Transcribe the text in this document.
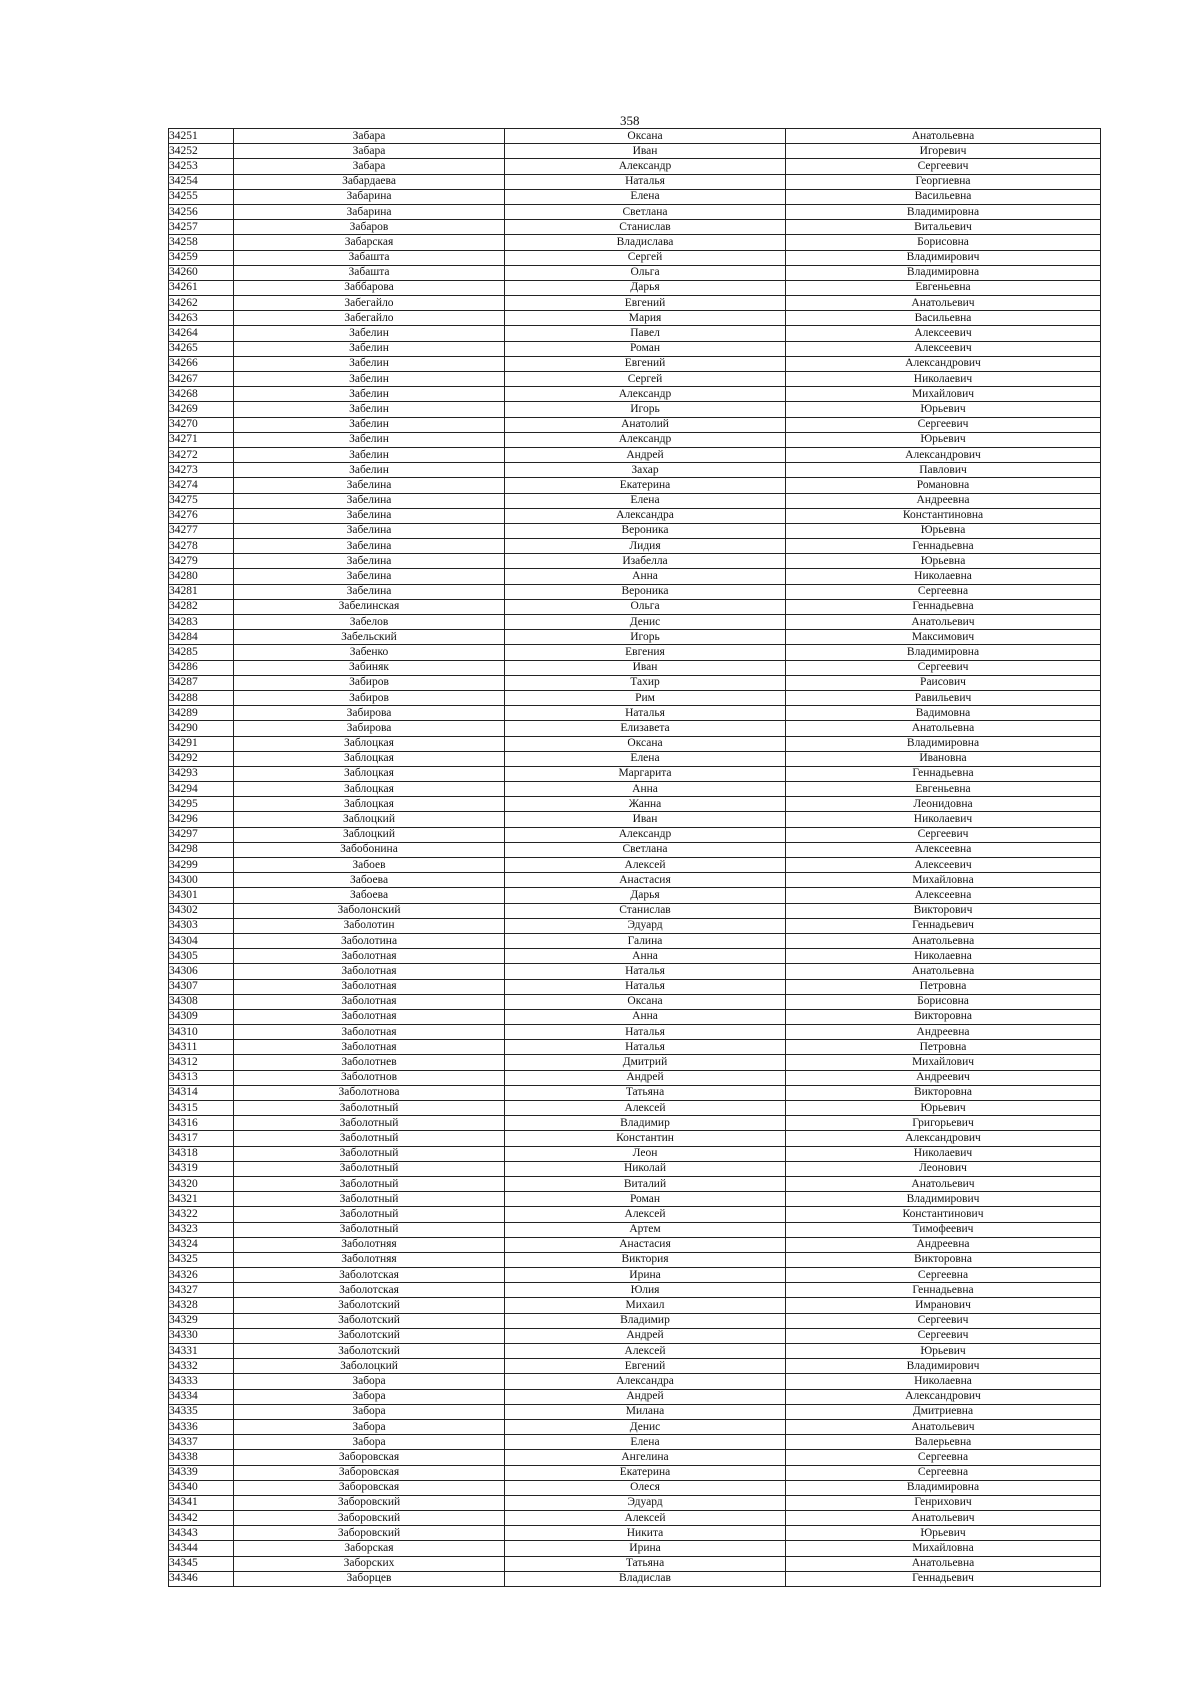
358
34251	Забара	Оксана	Анатольевна
34252	Забара	Иван	Игоревич
34253	Забара	Александр	Сергеевич
34254	Забардаева	Наталья	Георгиевна
34255	Забарина	Елена	Васильевна
34256	Забарина	Светлана	Владимировна
34257	Забаров	Станислав	Витальевич
34258	Забарская	Владислава	Борисовна
34259	Забашта	Сергей	Владимирович
34260	Забашта	Ольга	Владимировна
34261	Заббарова	Дарья	Евгеньевна
34262	Забегайло	Евгений	Анатольевич
34263	Забегайло	Мария	Васильевна
34264	Забелин	Павел	Алексеевич
34265	Забелин	Роман	Алексеевич
34266	Забелин	Евгений	Александрович
34267	Забелин	Сергей	Николаевич
34268	Забелин	Александр	Михайлович
34269	Забелин	Игорь	Юрьевич
34270	Забелин	Анатолий	Сергеевич
34271	Забелин	Александр	Юрьевич
34272	Забелин	Андрей	Александрович
34273	Забелин	Захар	Павлович
34274	Забелина	Екатерина	Романовна
34275	Забелина	Елена	Андреевна
34276	Забелина	Александра	Константиновна
34277	Забелина	Вероника	Юрьевна
34278	Забелина	Лидия	Геннадьевна
34279	Забелина	Изабелла	Юрьевна
34280	Забелина	Анна	Николаевна
34281	Забелина	Вероника	Сергеевна
34282	Забелинская	Ольга	Геннадьевна
34283	Забелов	Денис	Анатольевич
34284	Забельский	Игорь	Максимович
34285	Забенко	Евгения	Владимировна
34286	Забиняк	Иван	Сергеевич
34287	Забиров	Тахир	Раисович
34288	Забиров	Рим	Равильевич
34289	Забирова	Наталья	Вадимовна
34290	Забирова	Елизавета	Анатольевна
34291	Заблоцкая	Оксана	Владимировна
34292	Заблоцкая	Елена	Ивановна
34293	Заблоцкая	Маргарита	Геннадьевна
34294	Заблоцкая	Анна	Евгеньевна
34295	Заблоцкая	Жанна	Леонидовна
34296	Заблоцкий	Иван	Николаевич
34297	Заблоцкий	Александр	Сергеевич
34298	Забобонина	Светлана	Алексеевна
34299	Забоев	Алексей	Алексеевич
34300	Забоева	Анастасия	Михайловна
34301	Забоева	Дарья	Алексеевна
34302	Заболонский	Станислав	Викторович
34303	Заболотин	Эдуард	Геннадьевич
34304	Заболотина	Галина	Анатольевна
34305	Заболотная	Анна	Николаевна
34306	Заболотная	Наталья	Анатольевна
34307	Заболотная	Наталья	Петровна
34308	Заболотная	Оксана	Борисовна
34309	Заболотная	Анна	Викторовна
34310	Заболотная	Наталья	Андреевна
34311	Заболотная	Наталья	Петровна
34312	Заболотнев	Дмитрий	Михайлович
34313	Заболотнов	Андрей	Андреевич
34314	Заболотнова	Татьяна	Викторовна
34315	Заболотный	Алексей	Юрьевич
34316	Заболотный	Владимир	Григорьевич
34317	Заболотный	Константин	Александрович
34318	Заболотный	Леон	Николаевич
34319	Заболотный	Николай	Леонович
34320	Заболотный	Виталий	Анатольевич
34321	Заболотный	Роман	Владимирович
34322	Заболотный	Алексей	Константинович
34323	Заболотный	Артем	Тимофеевич
34324	Заболотняя	Анастасия	Андреевна
34325	Заболотняя	Виктория	Викторовна
34326	Заболотская	Ирина	Сергеевна
34327	Заболотская	Юлия	Геннадьевна
34328	Заболотский	Михаил	Имранович
34329	Заболотский	Владимир	Сергеевич
34330	Заболотский	Андрей	Сергеевич
34331	Заболотский	Алексей	Юрьевич
34332	Заболоцкий	Евгений	Владимирович
34333	Забора	Александра	Николаевна
34334	Забора	Андрей	Александрович
34335	Забора	Милана	Дмитриевна
34336	Забора	Денис	Анатольевич
34337	Забора	Елена	Валерьевна
34338	Заборовская	Ангелина	Сергеевна
34339	Заборовская	Екатерина	Сергеевна
34340	Заборовская	Олеся	Владимировна
34341	Заборовский	Эдуард	Генрихович
34342	Заборовский	Алексей	Анатольевич
34343	Заборовский	Никита	Юрьевич
34344	Заборская	Ирина	Михайловна
34345	Заборских	Татьяна	Анатольевна
34346	Заборцев	Владислав	Геннадьевич
